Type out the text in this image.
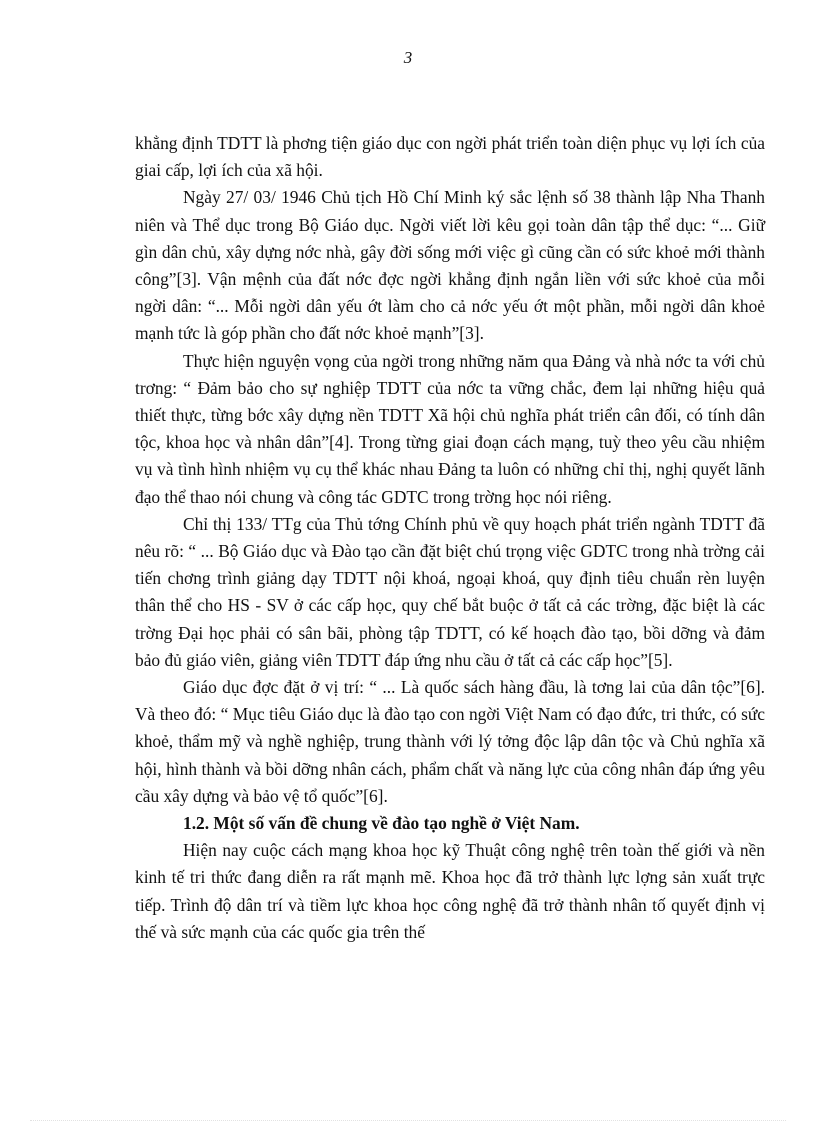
3

khẳng định TDTT là phơng tiện giáo dục con ngời phát triển toàn diện phục vụ lợi ích của giai cấp, lợi ích của xã hội.

Ngày 27/ 03/ 1946 Chủ tịch Hồ Chí Minh ký sắc lệnh số 38 thành lập Nha Thanh niên và Thể dục trong Bộ Giáo dục. Ngời viết lời kêu gọi toàn dân tập thể dục: “... Giữ gìn dân chủ, xây dựng nớc nhà, gây đời sống mới việc gì cũng cần có sức khoẻ mới thành công”[3]. Vận mệnh của đất nớc đợc ngời khẳng định ngắn liền với sức khoẻ của mỗi ngời dân: “... Mỗi ngời dân yếu ớt làm cho cả nớc yếu ớt một phần, mỗi ngời dân khoẻ mạnh tức là góp phần cho đất nớc khoẻ mạnh”[3].

Thực hiện nguyện vọng của ngời trong những năm qua Đảng và nhà nớc ta với chủ trơng: “ Đảm bảo cho sự nghiệp TDTT của nớc ta vững chắc, đem lại những hiệu quả thiết thực, từng bớc xây dựng nền TDTT Xã hội chủ nghĩa phát triển cân đối, có tính dân tộc, khoa học và nhân dân”[4]. Trong từng giai đoạn cách mạng, tuỳ theo yêu cầu nhiệm vụ và tình hình nhiệm vụ cụ thể khác nhau Đảng ta luôn có những chỉ thị, nghị quyết lãnh đạo thể thao nói chung và công tác GDTC trong trờng học nói riêng.

Chỉ thị 133/ TTg của Thủ tớng Chính phủ về quy hoạch phát triển ngành TDTT đã nêu rõ: “ ... Bộ Giáo dục và Đào tạo cần đặt biệt chú trọng việc GDTC trong nhà trờng cải tiến chơng trình giảng dạy TDTT nội khoá, ngoại khoá, quy định tiêu chuẩn rèn luyện thân thể cho HS - SV ở các cấp học, quy chế bắt buộc ở tất cả các trờng, đặc biệt là các trờng Đại học phải có sân bãi, phòng tập TDTT, có kế hoạch đào tạo, bồi dỡng và đảm bảo đủ giáo viên, giảng viên TDTT đáp ứng nhu cầu ở tất cả các cấp học”[5].

Giáo dục đợc đặt ở vị trí: “ ... Là quốc sách hàng đầu, là tơng lai của dân tộc”[6]. Và theo đó: “ Mục tiêu Giáo dục là đào tạo con ngời Việt Nam có đạo đức, tri thức, có sức khoẻ, thẩm mỹ và nghề nghiệp, trung thành với lý tởng độc lập dân tộc và Chủ nghĩa xã hội, hình thành và bồi dỡng nhân cách, phẩm chất và năng lực của công nhân đáp ứng yêu cầu xây dựng và bảo vệ tổ quốc”[6].

1.2. Một số vấn đề chung về đào tạo nghề ở Việt Nam.

Hiện nay cuộc cách mạng khoa học kỹ Thuật công nghệ trên toàn thế giới và nền kinh tế tri thức đang diễn ra rất mạnh mẽ. Khoa học đã trở thành lực lợng sản xuất trực tiếp. Trình độ dân trí và tiềm lực khoa học công nghệ đã trở thành nhân tố quyết định vị thế và sức mạnh của các quốc gia trên thế
